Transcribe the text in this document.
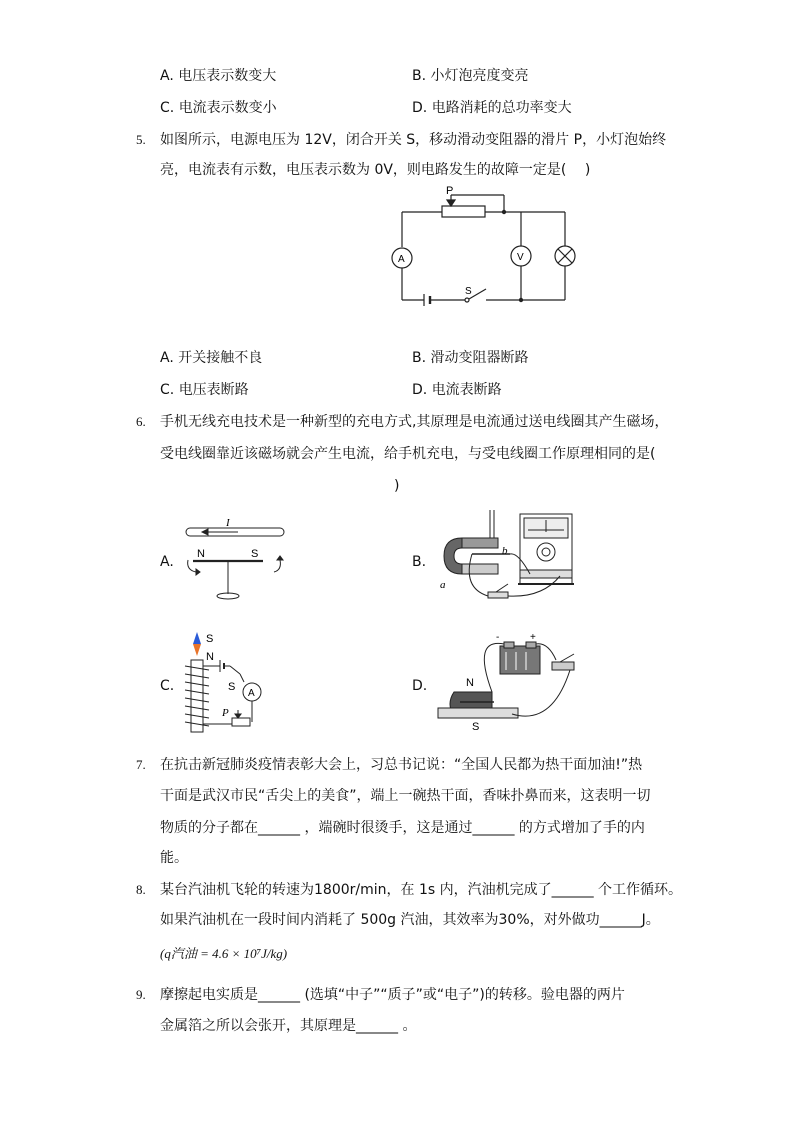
A. 电压表示数变大	B. 小灯泡亮度变亮
C. 电流表示数变小	D. 电路消耗的总功率变大
5. 如图所示，电源电压为 12V，闭合开关 S，移动滑动变阻器的滑片 P，小灯泡始终
亮，电流表有示数，电压表示数为 0V，则电路发生的故障一定是(　 )
P
A	V
S
A. 开关接触不良	B. 滑动变阻器断路
C. 电压表断路	D. 电流表断路
6. 手机无线充电技术是一种新型的充电方式,其原理是电流通过送电线圈其产生磁场，
受电线圈靠近该磁场就会产生电流，给手机充电，与受电线圈工作原理相同的是(
)
A.
I
N	S	B.
b
a
C.
S
N
S
A
P
D.	N
S
-	+
7. 在抗击新冠肺炎疫情表彰大会上，习总书记说：“全国人民都为热干面加油!”热
干面是武汉市民“舌尖上的美食”，端上一碗热干面，香味扑鼻而来，这表明一切
物质的分子都在______ ，端碗时很烫手，这是通过______ 的方式增加了手的内
能。
8. 某台汽油机飞轮的转速为1800r/min，在 1s 内，汽油机完成了______ 个工作循环。
如果汽油机在一段时间内消耗了 500g 汽油，其效率为30%，对外做功______J。
(q汽油 = 4.6 × 10⁷J/kg)
9. 摩擦起电实质是______ (选填“中子”“质子”或“电子”)的转移。验电器的两片
金属箔之所以会张开，其原理是______ 。
